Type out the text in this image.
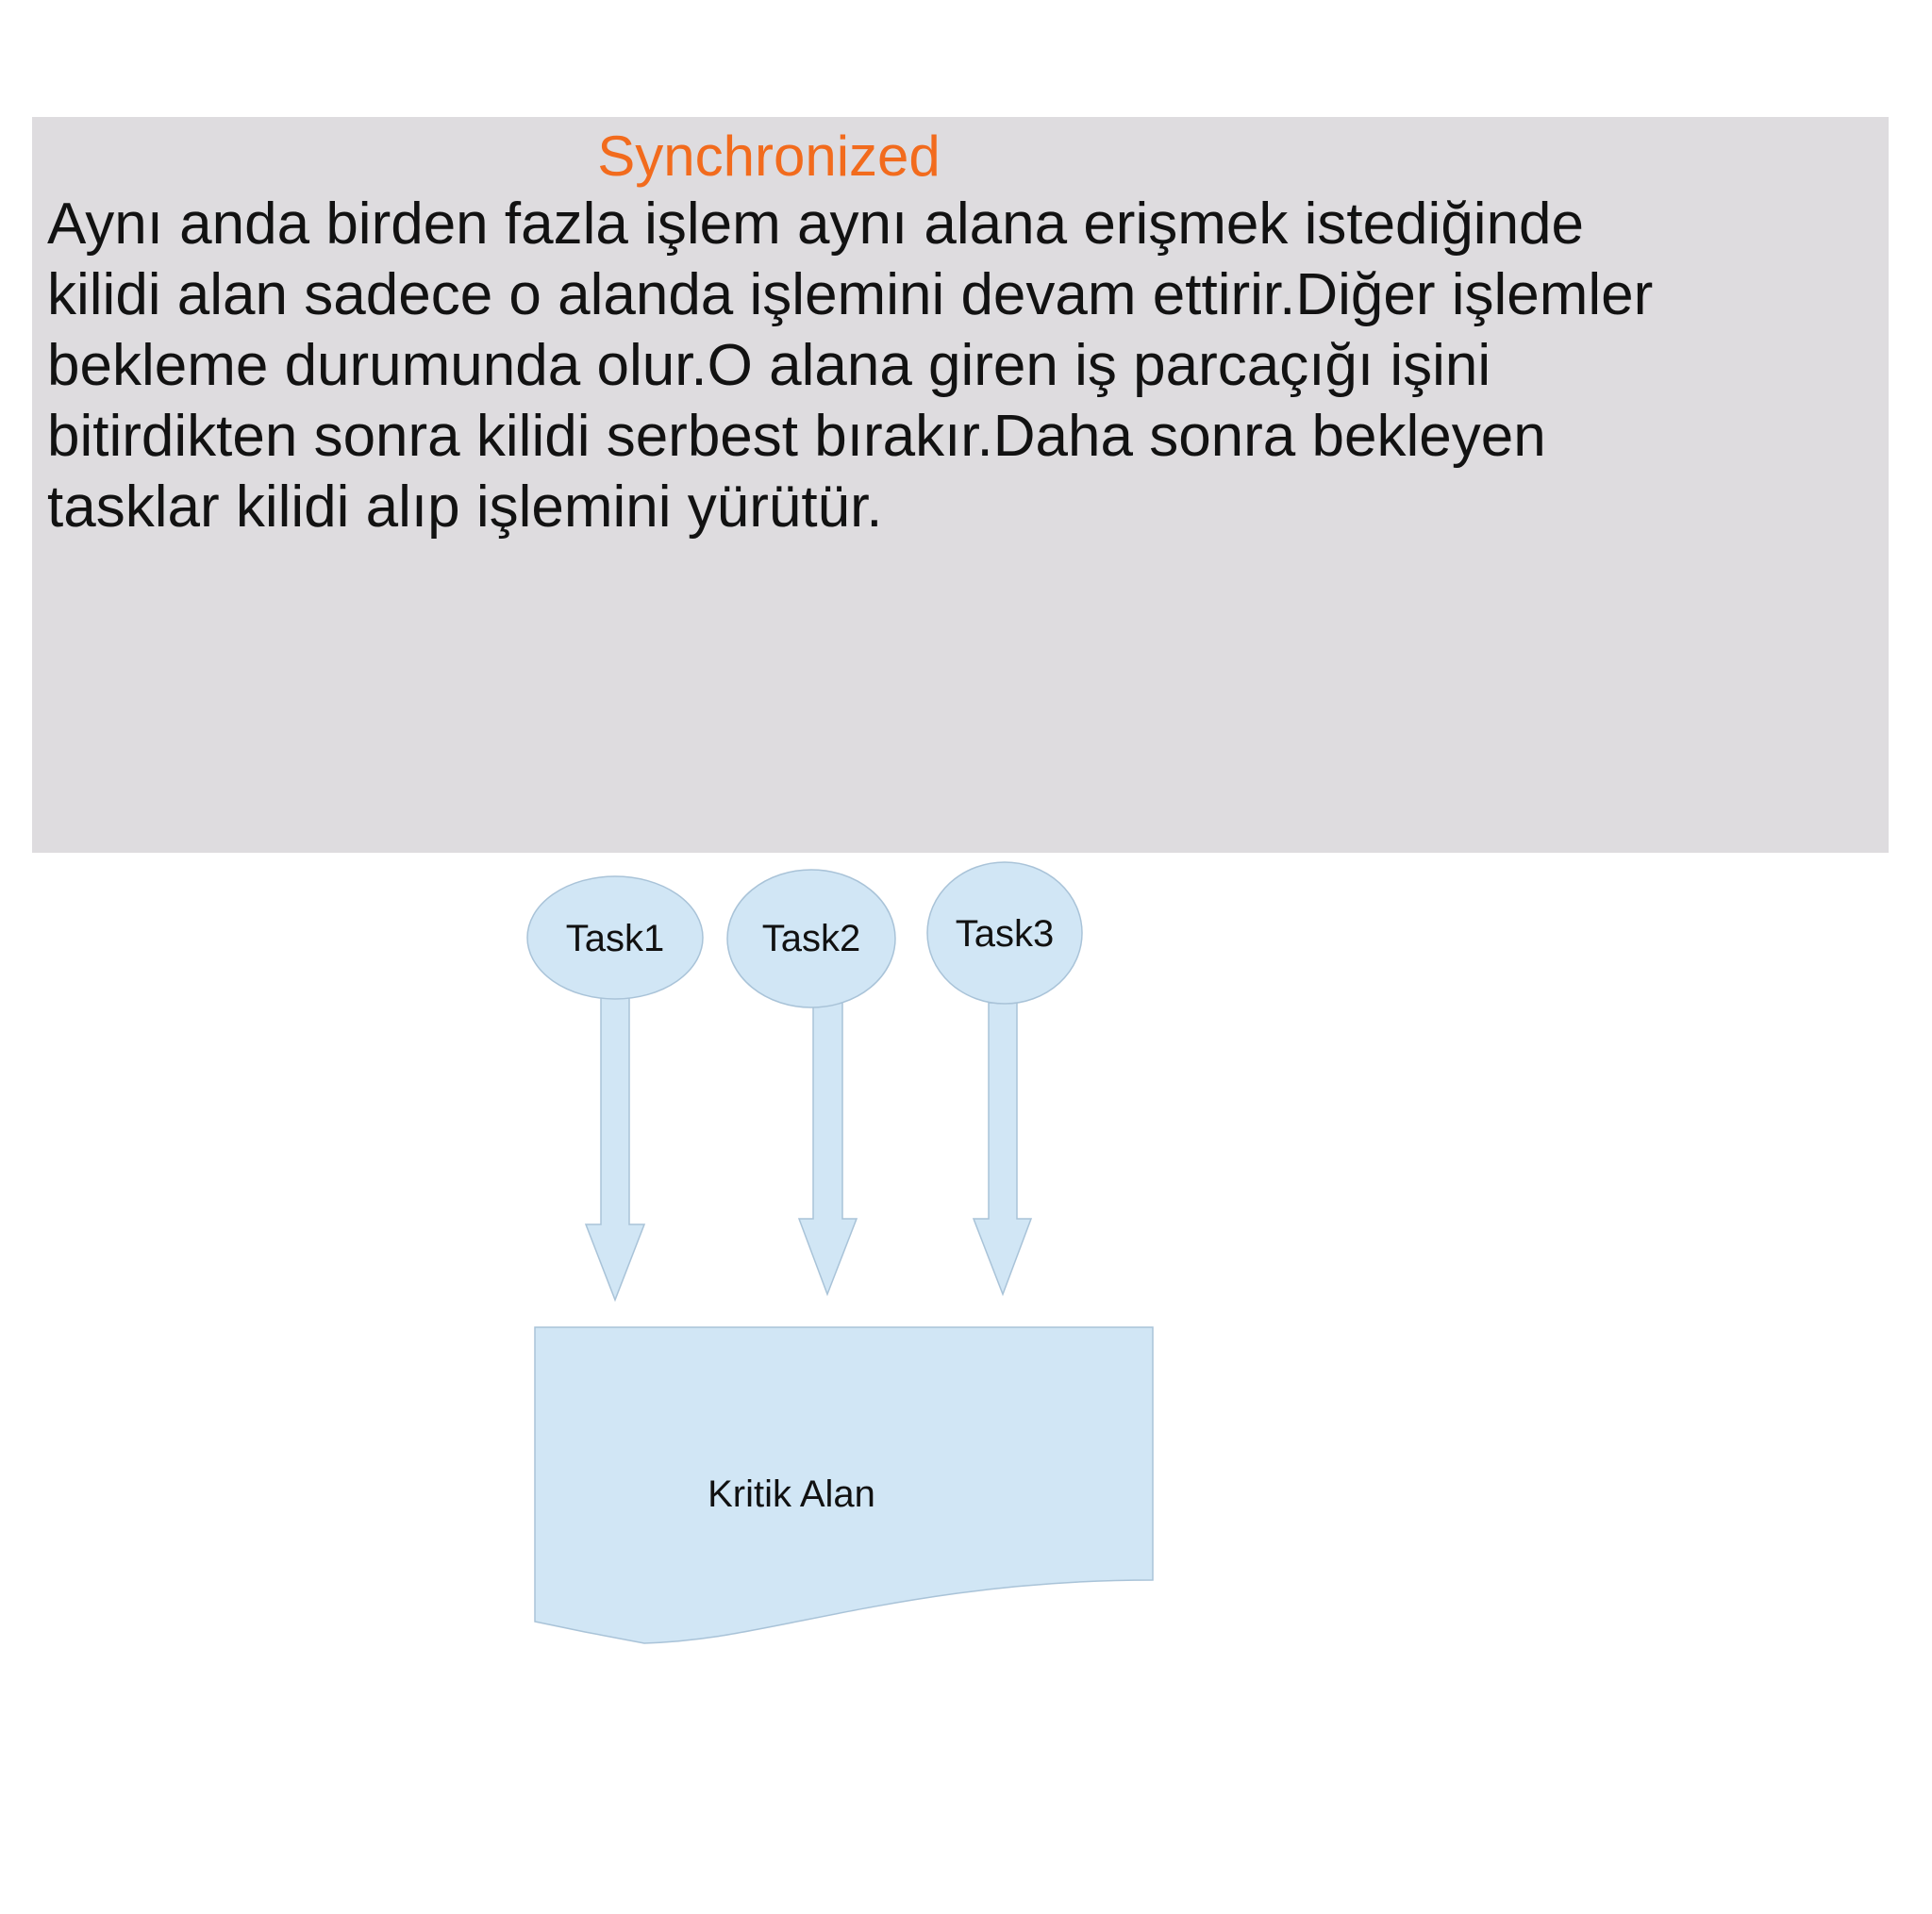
Synchronized
Aynı anda birden fazla işlem aynı alana erişmek istediğinde
kilidi alan sadece o alanda işlemini devam ettirir.Diğer işlemler
bekleme durumunda olur.O alana giren iş parcaçığı işini
bitirdikten sonra kilidi serbest bırakır.Daha sonra bekleyen
tasklar kilidi alıp işlemini yürütür.
Task1	Task2	Task3
Kritik Alan
